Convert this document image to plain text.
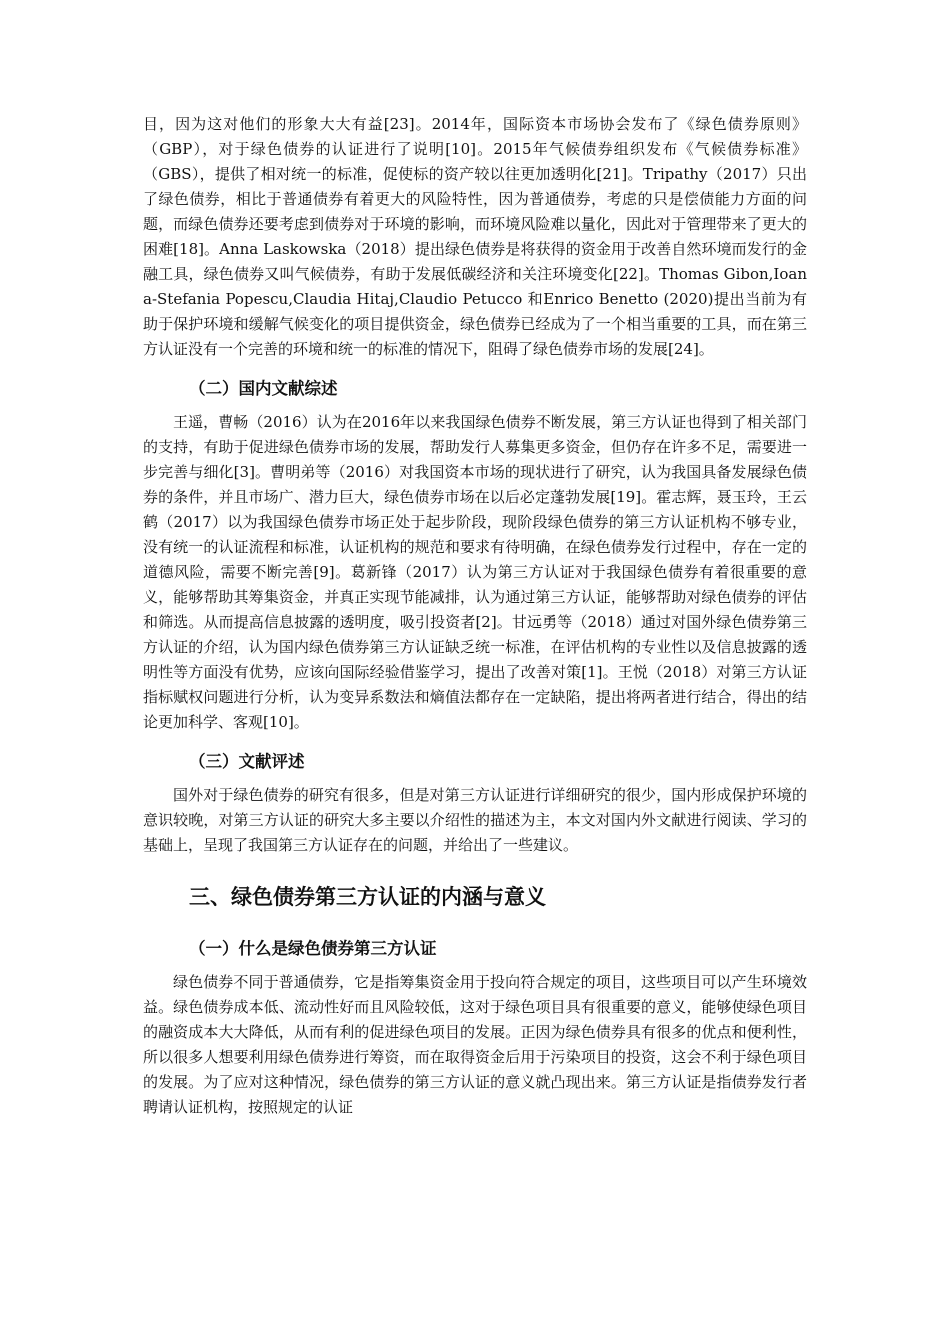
目，因为这对他们的形象大大有益[23]。2014年，国际资本市场协会发布了《绿色债券原则》（GBP），对于绿色债券的认证进行了说明[10]。2015年气候债券组织发布《气候债券标准》（GBS），提供了相对统一的标准，促使标的资产较以往更加透明化[21]。Tripathy（2017）只出了绿色债券，相比于普通债券有着更大的风险特性，因为普通债券，考虑的只是偿债能力方面的问题，而绿色债券还要考虑到债券对于环境的影响，而环境风险难以量化，因此对于管理带来了更大的困难[18]。Anna Laskowska（2018）提出绿色债券是将获得的资金用于改善自然环境而发行的金融工具，绿色债券又叫气候债券，有助于发展低碳经济和关注环境变化[22]。Thomas Gibon,Ioan a-Stefania Popescu,Claudia Hitaj,Claudio Petucco 和Enrico Benetto (2020)提出当前为有助于保护环境和缓解气候变化的项目提供资金，绿色债券已经成为了一个相当重要的工具，而在第三方认证没有一个完善的环境和统一的标准的情况下，阻碍了绿色债券市场的发展[24]。

（二）国内文献综述

王遥，曹畅（2016）认为在2016年以来我国绿色债券不断发展，第三方认证也得到了相关部门的支持，有助于促进绿色债券市场的发展，帮助发行人募集更多资金，但仍存在许多不足，需要进一步完善与细化[3]。曹明弟等（2016）对我国资本市场的现状进行了研究，认为我国具备发展绿色债券的条件，并且市场广、潜力巨大，绿色债券市场在以后必定蓬勃发展[19]。霍志辉，聂玉玲，王云鹤（2017）以为我国绿色债券市场正处于起步阶段，现阶段绿色债券的第三方认证机构不够专业，没有统一的认证流程和标准，认证机构的规范和要求有待明确，在绿色债券发行过程中，存在一定的道德风险，需要不断完善[9]。葛新锋（2017）认为第三方认证对于我国绿色债券有着很重要的意义，能够帮助其筹集资金，并真正实现节能减排，认为通过第三方认证，能够帮助对绿色债券的评估和筛选。从而提高信息披露的透明度，吸引投资者[2]。甘远勇等（2018）通过对国外绿色债券第三方认证的介绍，认为国内绿色债券第三方认证缺乏统一标准，在评估机构的专业性以及信息披露的透明性等方面没有优势，应该向国际经验借鉴学习，提出了改善对策[1]。王悦（2018）对第三方认证指标赋权问题进行分析，认为变异系数法和熵值法都存在一定缺陷，提出将两者进行结合，得出的结论更加科学、客观[10]。

（三）文献评述

国外对于绿色债券的研究有很多，但是对第三方认证进行详细研究的很少，国内形成保护环境的意识较晚，对第三方认证的研究大多主要以介绍性的描述为主，本文对国内外文献进行阅读、学习的基础上，呈现了我国第三方认证存在的问题，并给出了一些建议。

三、绿色债券第三方认证的内涵与意义
（一）什么是绿色债券第三方认证

绿色债券不同于普通债券，它是指筹集资金用于投向符合规定的项目，这些项目可以产生环境效益。绿色债券成本低、流动性好而且风险较低，这对于绿色项目具有很重要的意义，能够使绿色项目的融资成本大大降低，从而有利的促进绿色项目的发展。正因为绿色债券具有很多的优点和便利性，所以很多人想要利用绿色债券进行筹资，而在取得资金后用于污染项目的投资，这会不利于绿色项目的发展。为了应对这种情况，绿色债券的第三方认证的意义就凸现出来。第三方认证是指债券发行者聘请认证机构，按照规定的认证
